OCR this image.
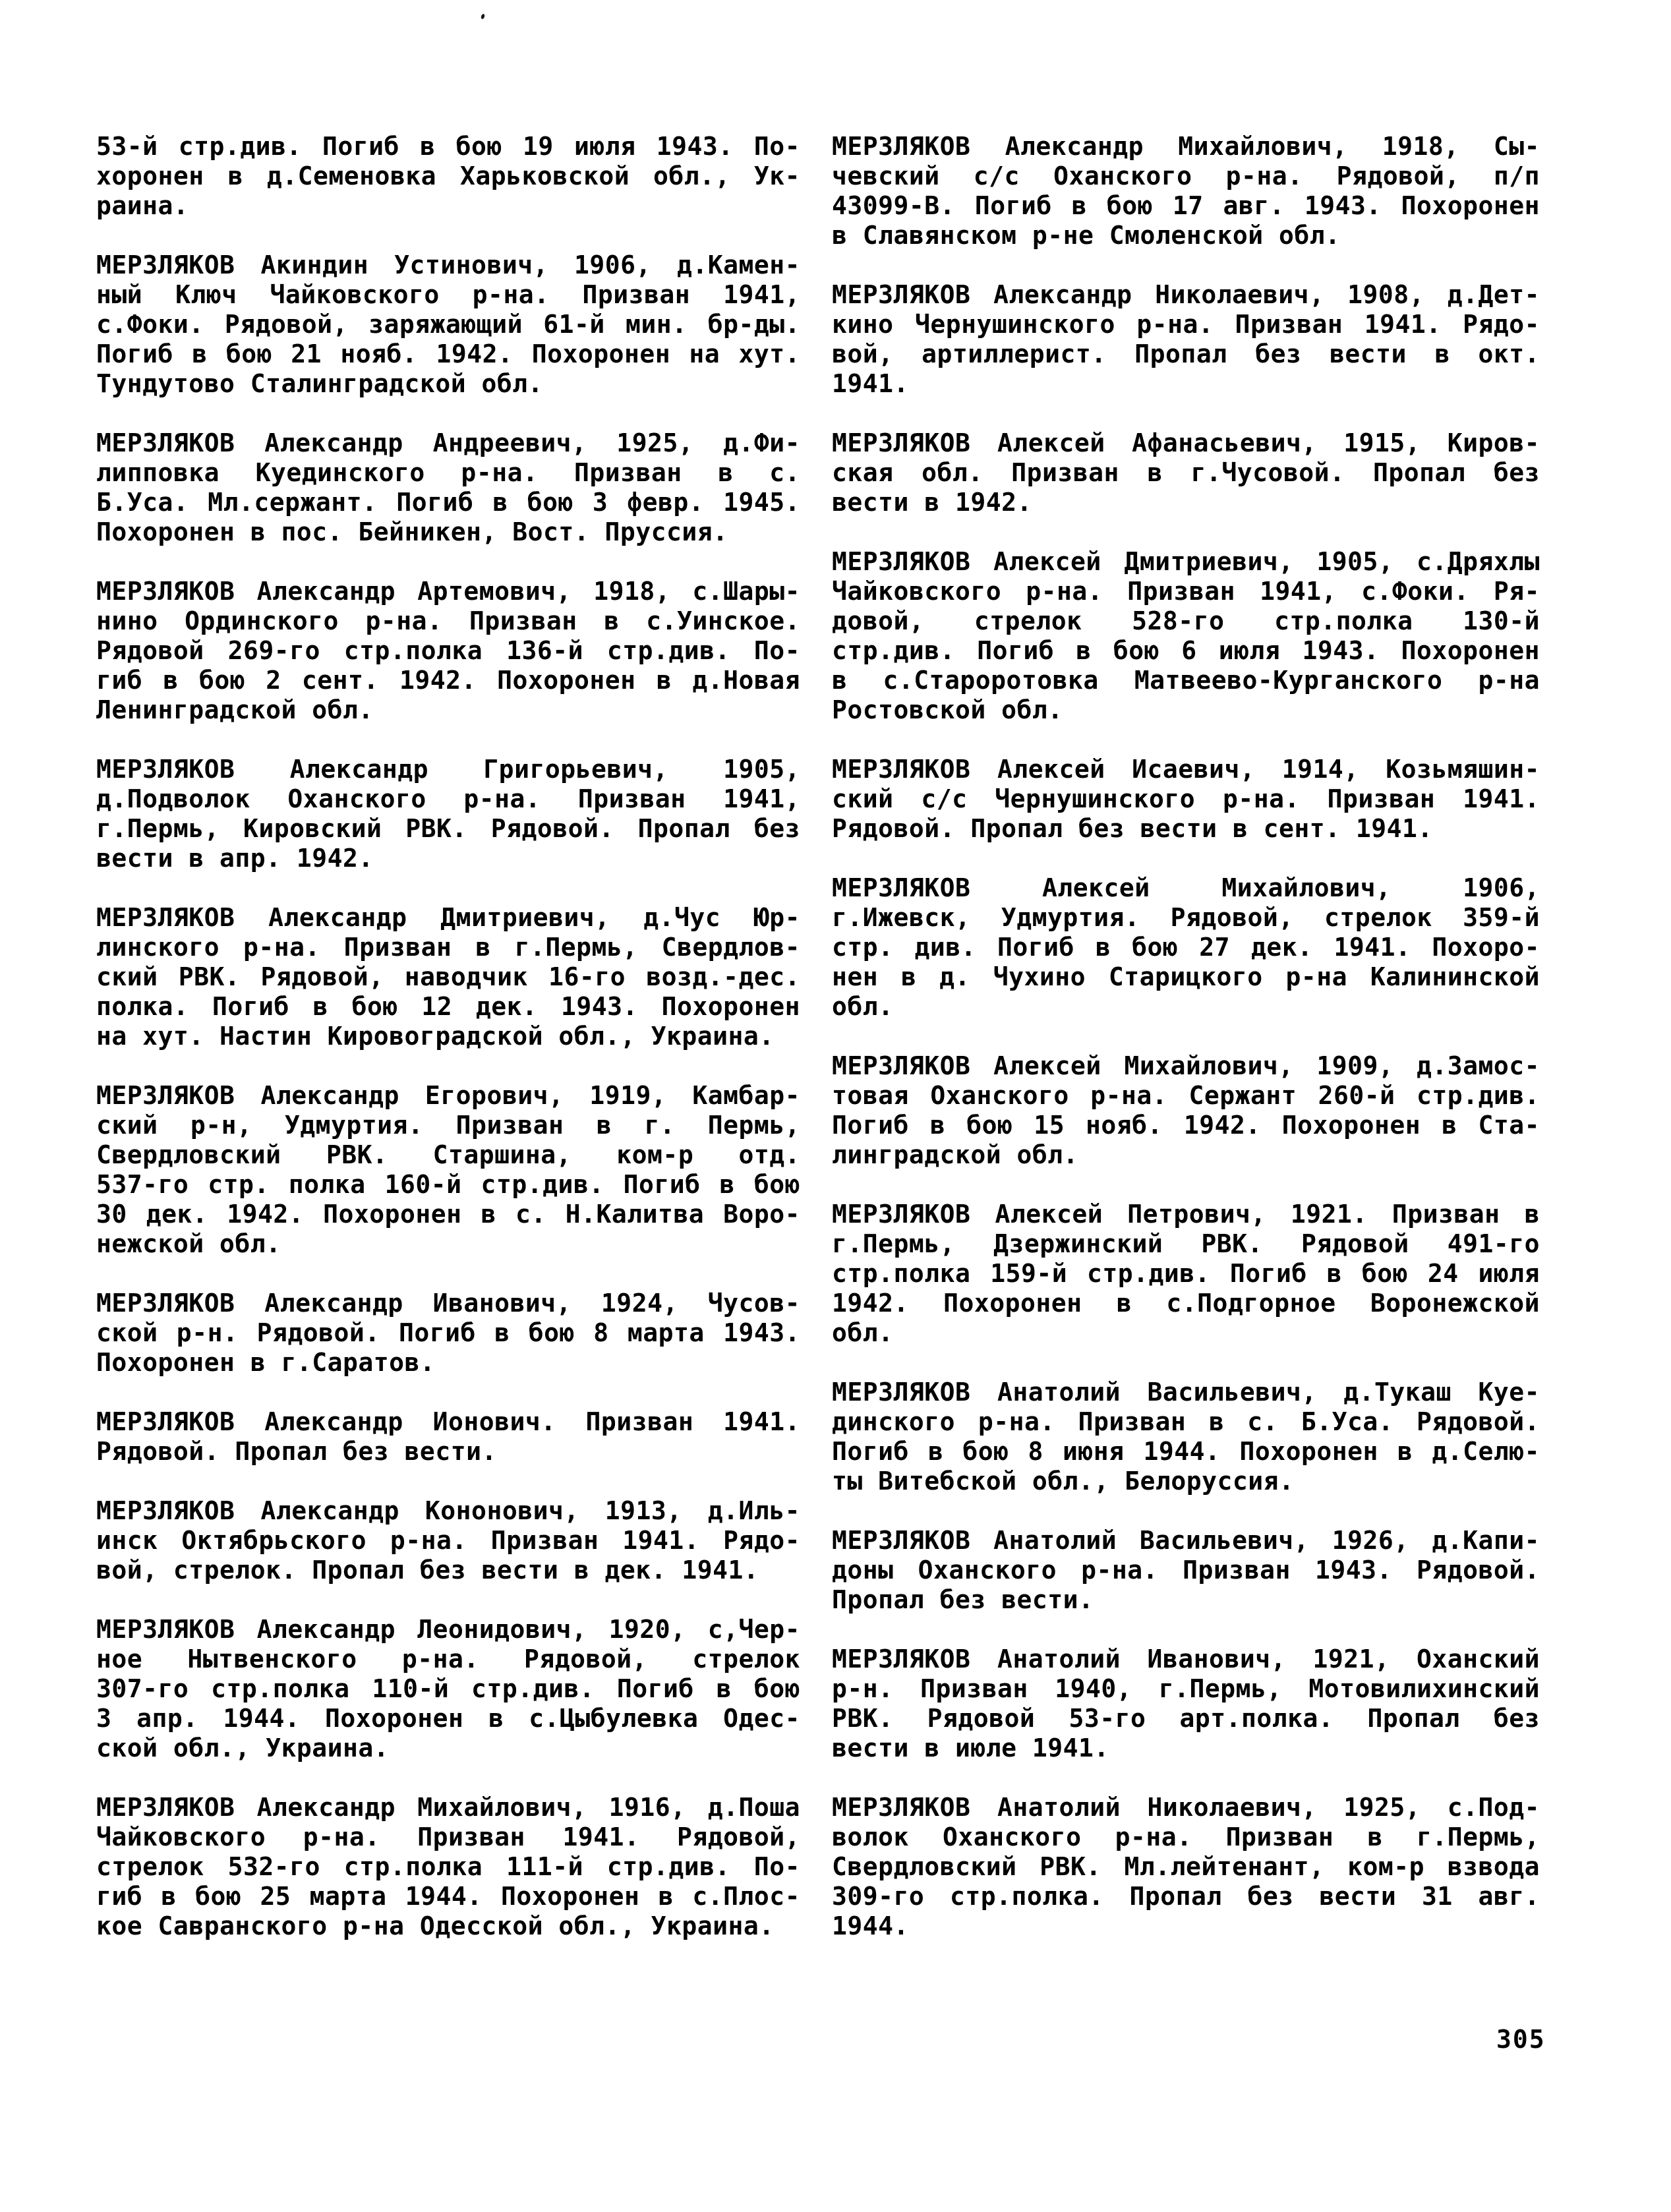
53-й стр.див. Погиб в бою 19 июля 1943. По-
хоронен в д.Семеновка Харьковской обл., Ук-
раина.
МЕРЗЛЯКОВ Акиндин Устинович, 1906, д.Камен-
ный Ключ Чайковского р-на. Призван 1941,
с.Фоки. Рядовой, заряжающий 61-й мин. бр-ды.
Погиб в бою 21 нояб. 1942. Похоронен на хут.
Тундутово Сталинградской обл.
МЕРЗЛЯКОВ Александр Андреевич, 1925, д.Фи-
липповка Куединского р-на. Призван в с.
Б.Уса. Мл.сержант. Погиб в бою 3 февр. 1945.
Похоронен в пос. Бейникен, Вост. Пруссия.
МЕРЗЛЯКОВ Александр Артемович, 1918, с.Шары-
нино Ординского р-на. Призван в с.Уинское.
Рядовой 269-го стр.полка 136-й стр.див. По-
гиб в бою 2 сент. 1942. Похоронен в д.Новая
Ленинградской обл.
МЕРЗЛЯКОВ Александр Григорьевич, 1905,
д.Подволок Оханского р-на. Призван 1941,
г.Пермь, Кировский РВК. Рядовой. Пропал без
вести в апр. 1942.
МЕРЗЛЯКОВ Александр Дмитриевич, д.Чус Юр-
линского р-на. Призван в г.Пермь, Свердлов-
ский РВК. Рядовой, наводчик 16-го возд.-дес.
полка. Погиб в бою 12 дек. 1943. Похоронен
на хут. Настин Кировоградской обл., Украина.
МЕРЗЛЯКОВ Александр Егорович, 1919, Камбар-
ский р-н, Удмуртия. Призван в г. Пермь,
Свердловский РВК. Старшина, ком-р отд.
537-го стр. полка 160-й стр.див. Погиб в бою
30 дек. 1942. Похоронен в с. Н.Калитва Воро-
нежской обл.
МЕРЗЛЯКОВ Александр Иванович, 1924, Чусов-
ской р-н. Рядовой. Погиб в бою 8 марта 1943.
Похоронен в г.Саратов.
МЕРЗЛЯКОВ Александр Ионович. Призван 1941.
Рядовой. Пропал без вести.
МЕРЗЛЯКОВ Александр Кононович, 1913, д.Иль-
инск Октябрьского р-на. Призван 1941. Рядо-
вой, стрелок. Пропал без вести в дек. 1941.
МЕРЗЛЯКОВ Александр Леонидович, 1920, с,Чер-
ное Нытвенского р-на. Рядовой, стрелок
307-го стр.полка 110-й стр.див. Погиб в бою
3 апр. 1944. Похоронен в с.Цыбулевка Одес-
ской обл., Украина.
МЕРЗЛЯКОВ Александр Михайлович, 1916, д.Поша
Чайковского р-на. Призван 1941. Рядовой,
стрелок 532-го стр.полка 111-й стр.див. По-
гиб в бою 25 марта 1944. Похоронен в с.Плос-
кое Савранского р-на Одесской обл., Украина.
МЕРЗЛЯКОВ Александр Михайлович, 1918, Сы-
чевский с/с Оханского р-на. Рядовой, п/п
43099-В. Погиб в бою 17 авг. 1943. Похоронен
в Славянском р-не Смоленской обл.
МЕРЗЛЯКОВ Александр Николаевич, 1908, д.Дет-
кино Чернушинского р-на. Призван 1941. Рядо-
вой, артиллерист. Пропал без вести в окт.
1941.
МЕРЗЛЯКОВ Алексей Афанасьевич, 1915, Киров-
ская обл. Призван в г.Чусовой. Пропал без
вести в 1942.
МЕРЗЛЯКОВ Алексей Дмитриевич, 1905, с.Дряхлы
Чайковского р-на. Призван 1941, с.Фоки. Ря-
довой, стрелок 528-го стр.полка 130-й
стр.див. Погиб в бою 6 июля 1943. Похоронен
в с.Староротовка Матвеево-Курганского р-на
Ростовской обл.
МЕРЗЛЯКОВ Алексей Исаевич, 1914, Козьмяшин-
ский с/с Чернушинского р-на. Призван 1941.
Рядовой. Пропал без вести в сент. 1941.
МЕРЗЛЯКОВ Алексей Михайлович, 1906,
г.Ижевск, Удмуртия. Рядовой, стрелок 359-й
стр. див. Погиб в бою 27 дек. 1941. Похоро-
нен в д. Чухино Старицкого р-на Калининской
обл.
МЕРЗЛЯКОВ Алексей Михайлович, 1909, д.Замос-
товая Оханского р-на. Сержант 260-й стр.див.
Погиб в бою 15 нояб. 1942. Похоронен в Ста-
линградской обл.
МЕРЗЛЯКОВ Алексей Петрович, 1921. Призван в
г.Пермь, Дзержинский РВК. Рядовой 491-го
стр.полка 159-й стр.див. Погиб в бою 24 июля
1942. Похоронен в с.Подгорное Воронежской
обл.
МЕРЗЛЯКОВ Анатолий Васильевич, д.Тукаш Куе-
динского р-на. Призван в с. Б.Уса. Рядовой.
Погиб в бою 8 июня 1944. Похоронен в д.Селю-
ты Витебской обл., Белоруссия.
МЕРЗЛЯКОВ Анатолий Васильевич, 1926, д.Капи-
доны Оханского р-на. Призван 1943. Рядовой.
Пропал без вести.
МЕРЗЛЯКОВ Анатолий Иванович, 1921, Оханский
р-н. Призван 1940, г.Пермь, Мотовилихинский
РВК. Рядовой 53-го арт.полка. Пропал без
вести в июле 1941.
МЕРЗЛЯКОВ Анатолий Николаевич, 1925, с.Под-
волок Оханского р-на. Призван в г.Пермь,
Свердловский РВК. Мл.лейтенант, ком-р взвода
309-го стр.полка. Пропал без вести 31 авг.
1944.
305
